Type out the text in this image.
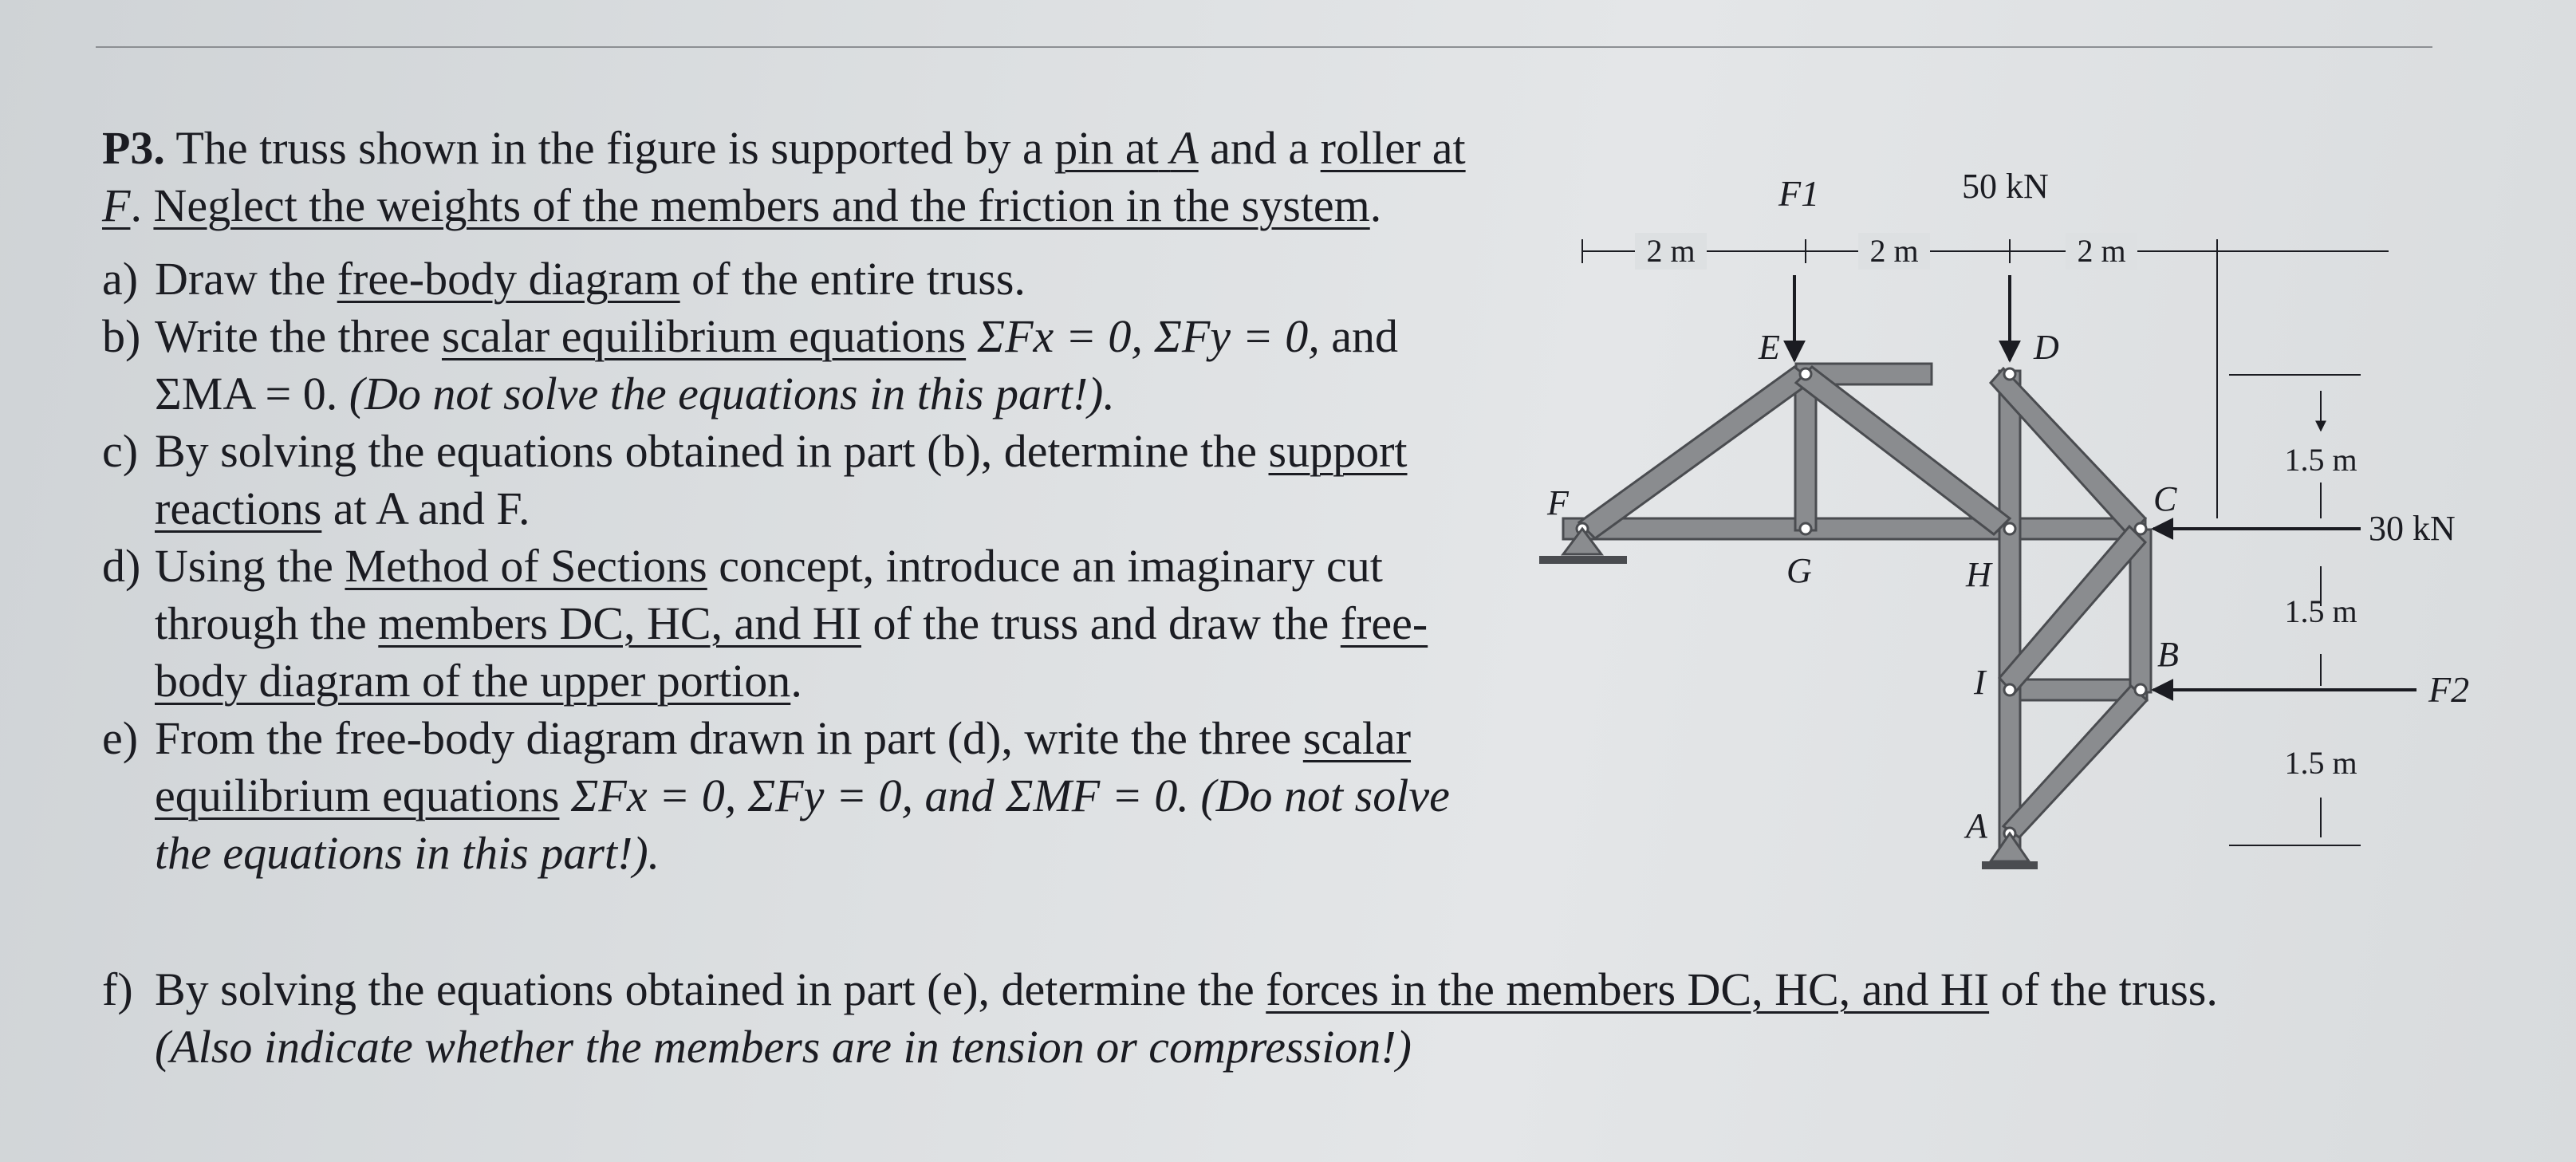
P3. The truss shown in the figure is supported by a pin at A and a roller at F. Neglect the weights of the members and the friction in the system.

a) Draw the free-body diagram of the entire truss.
b) Write the three scalar equilibrium equations ΣFx = 0, ΣFy = 0, and ΣMA = 0. (Do not solve the equations in this part!).
c) By solving the equations obtained in part (b), determine the support reactions at A and F.
d) Using the Method of Sections concept, introduce an imaginary cut through the members DC, HC, and HI of the truss and draw the free-body diagram of the upper portion.
e) From the free-body diagram drawn in part (d), write the three scalar equilibrium equations ΣFx = 0, ΣFy = 0, and ΣMF = 0. (Do not solve the equations in this part!).
f) By solving the equations obtained in part (e), determine the forces in the members DC, HC, and HI of the truss.
(Also indicate whether the members are in tension or compression!)
2 m	2 m	2 m
1.5 m
1.5 m
1.5 m
F1	50 kN
30 kN
F2
E	D
F
G	H
C
I
B
A
